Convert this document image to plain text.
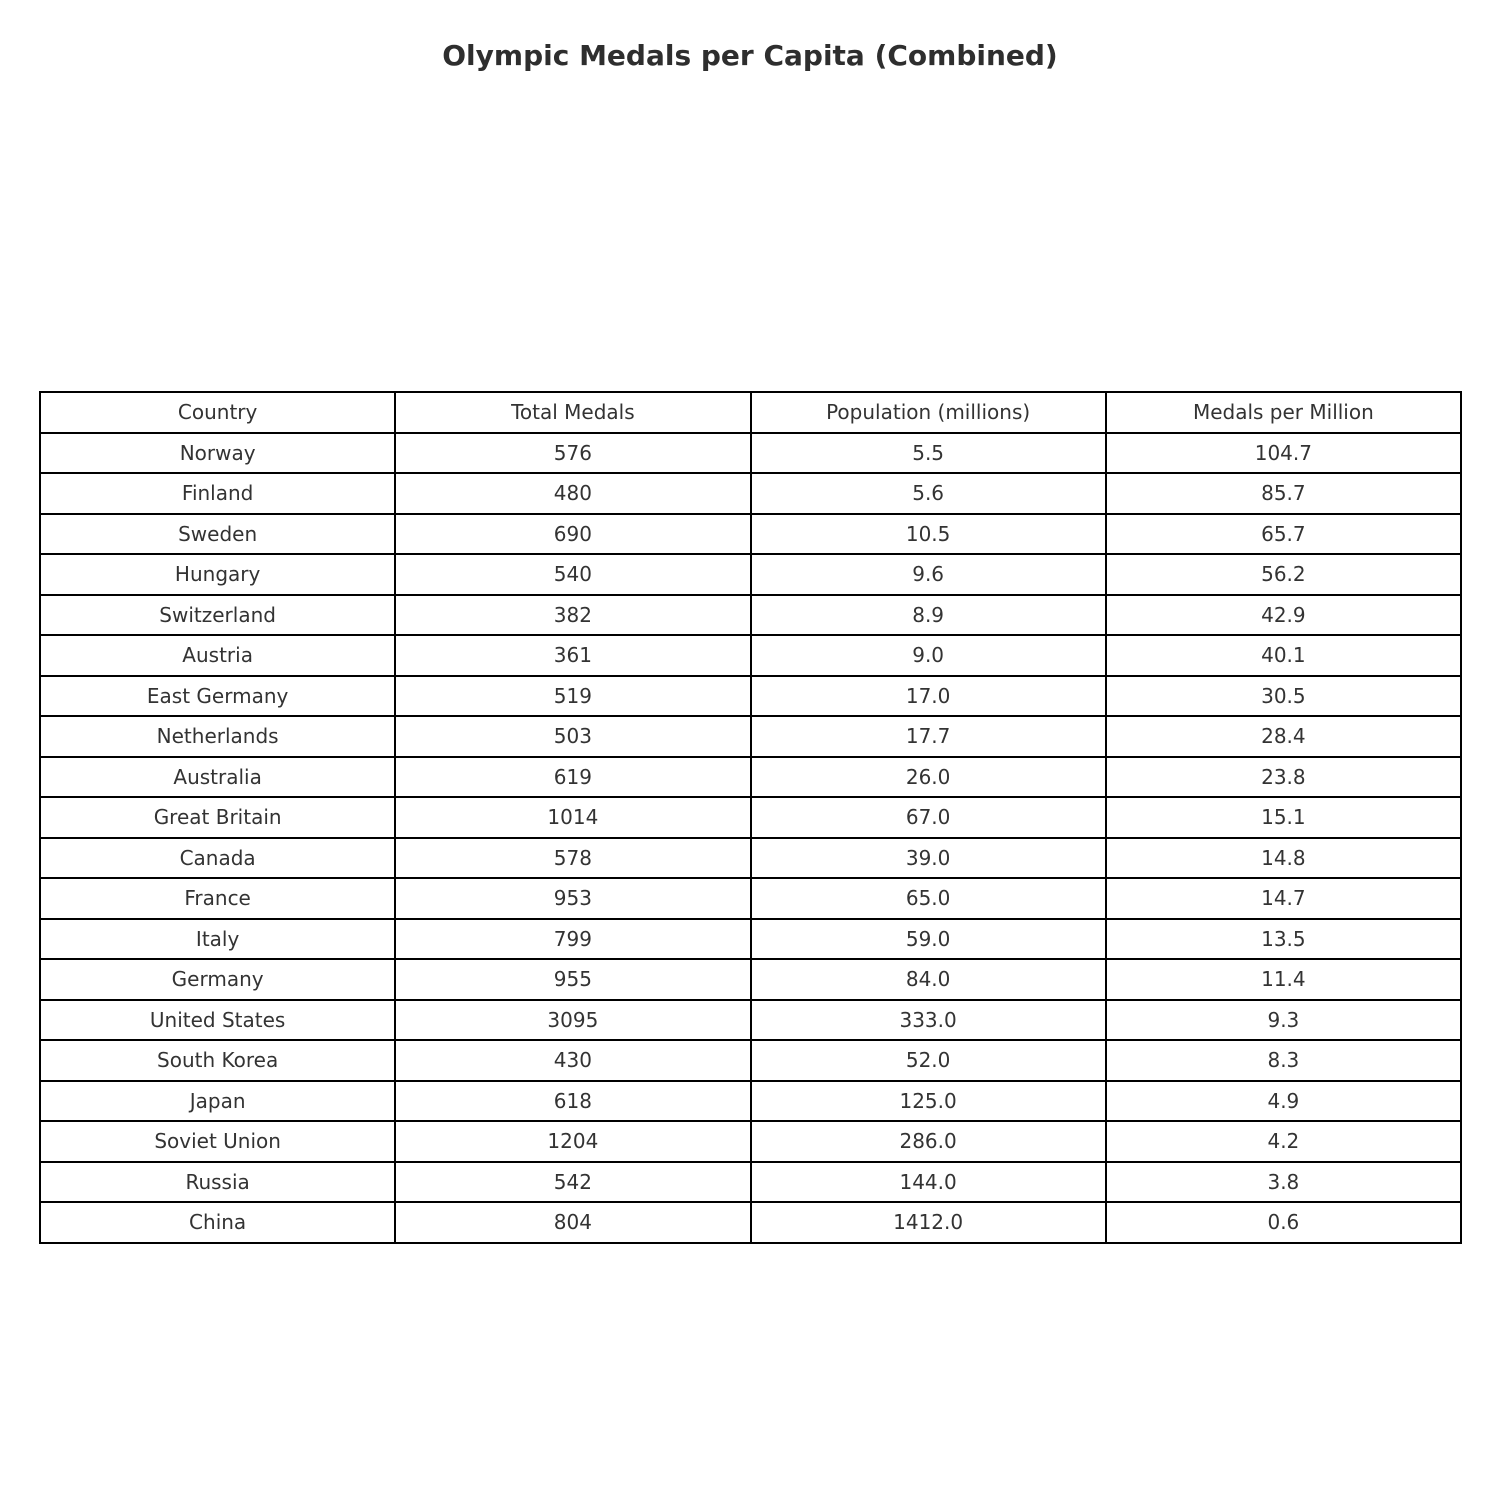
Olympic Medals per Capita (Combined)
Country	Total Medals	Population (millions)	Medals per Million
Norway	576	5.5	104.7
Finland	480	5.6	85.7
Sweden	690	10.5	65.7
Hungary	540	9.6	56.2
Switzerland	382	8.9	42.9
Austria	361	9.0	40.1
East Germany	519	17.0	30.5
Netherlands	503	17.7	28.4
Australia	619	26.0	23.8
Great Britain	1014	67.0	15.1
Canada	578	39.0	14.8
France	953	65.0	14.7
Italy	799	59.0	13.5
Germany	955	84.0	11.4
United States	3095	333.0	9.3
South Korea	430	52.0	8.3
Japan	618	125.0	4.9
Soviet Union	1204	286.0	4.2
Russia	542	144.0	3.8
China	804	1412.0	0.6
